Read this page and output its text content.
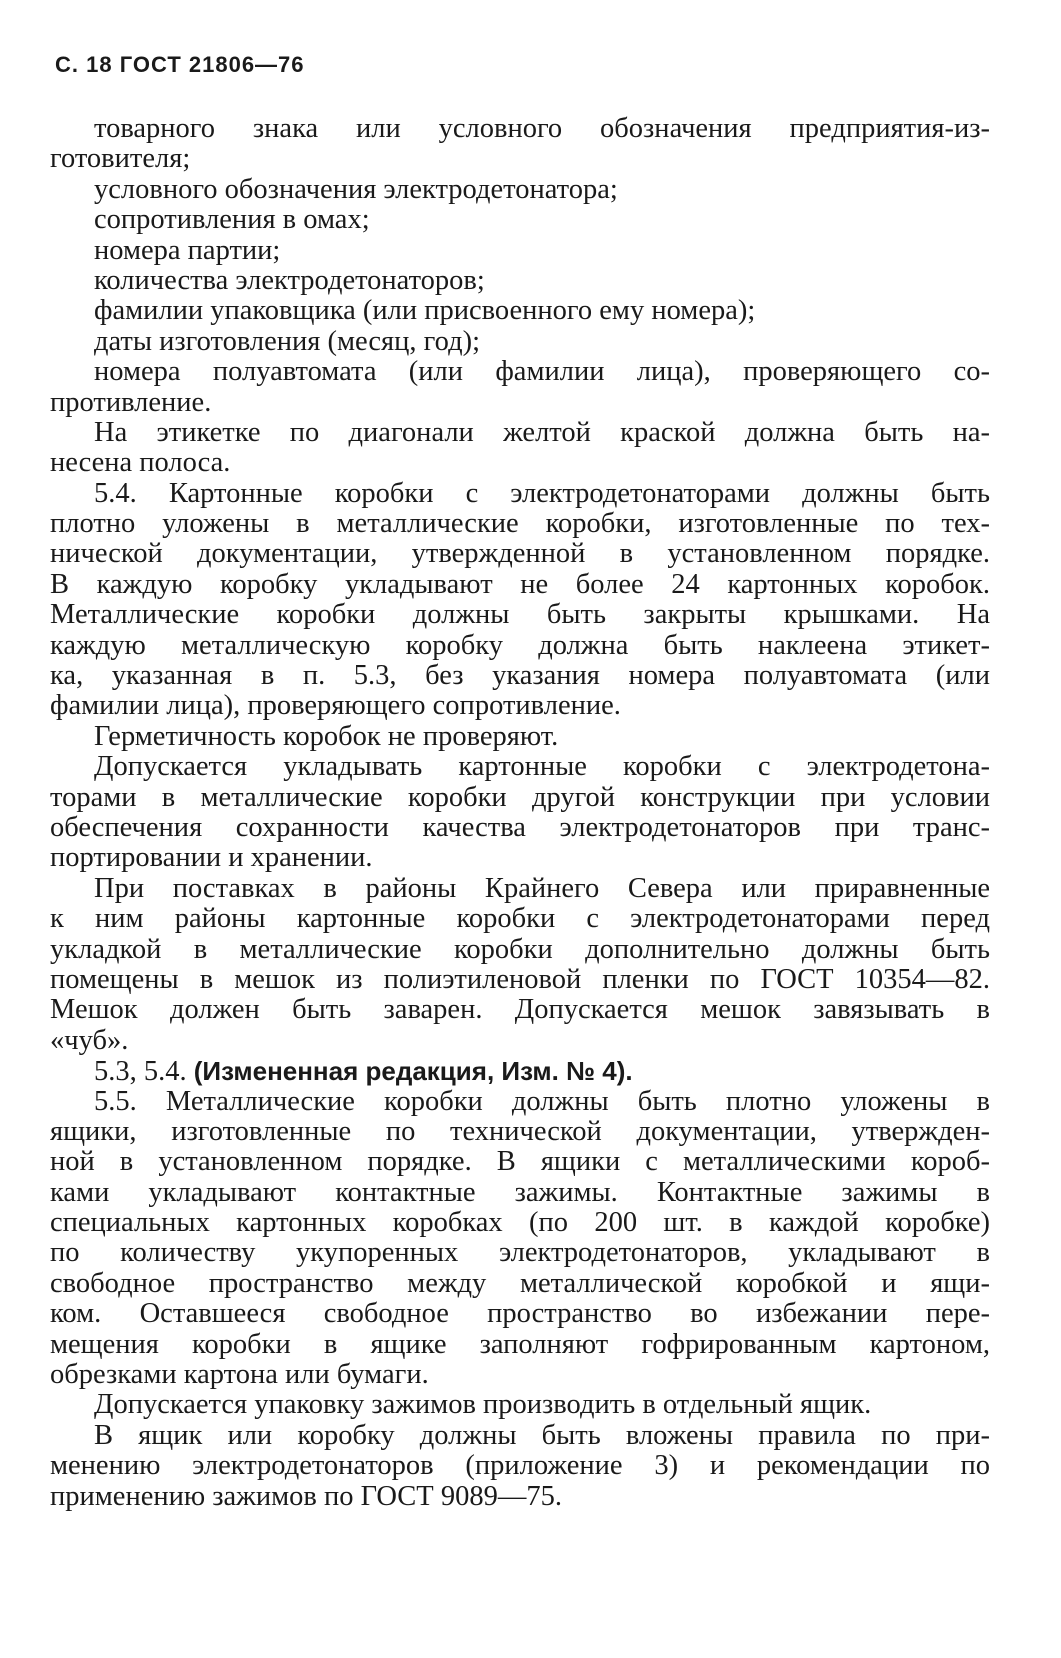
С. 18 ГОСТ 21806—76
товарного знака или условного обозначения предприятия-из-
готовителя;
условного обозначения электродетонатора;
сопротивления в омах;
номера партии;
количества электродетонаторов;
фамилии упаковщика (или присвоенного ему номера);
даты изготовления (месяц, год);
номера полуавтомата (или фамилии лица), проверяющего со-
противление.
На этикетке по диагонали желтой краской должна быть на-
несена полоса.
5.4. Картонные коробки с электродетонаторами должны быть
плотно уложены в металлические коробки, изготовленные по тех-
нической документации, утвержденной в установленном порядке.
В каждую коробку укладывают не более 24 картонных коробок.
Металлические коробки должны быть закрыты крышками. На
каждую металлическую коробку должна быть наклеена этикет-
ка, указанная в п. 5.3, без указания номера полуавтомата (или
фамилии лица), проверяющего сопротивление.
Герметичность коробок не проверяют.
Допускается укладывать картонные коробки с электродетона-
торами в металлические коробки другой конструкции при условии
обеспечения сохранности качества электродетонаторов при транс-
портировании и хранении.
При поставках в районы Крайнего Севера или приравненные
к ним районы картонные коробки с электродетонаторами перед
укладкой в металлические коробки дополнительно должны быть
помещены в мешок из полиэтиленовой пленки по ГОСТ 10354—82.
Мешок должен быть заварен. Допускается мешок завязывать в
«чуб».
5.3, 5.4. (Измененная редакция, Изм. № 4).
5.5. Металлические коробки должны быть плотно уложены в
ящики, изготовленные по технической документации, утвержден-
ной в установленном порядке. В ящики с металлическими короб-
ками укладывают контактные зажимы. Контактные зажимы в
специальных картонных коробках (по 200 шт. в каждой коробке)
по количеству укупоренных электродетонаторов, укладывают в
свободное пространство между металлической коробкой и ящи-
ком. Оставшееся свободное пространство во избежании пере-
мещения коробки в ящике заполняют гофрированным картоном,
обрезками картона или бумаги.
Допускается упаковку зажимов производить в отдельный ящик.
В ящик или коробку должны быть вложены правила по при-
менению электродетонаторов (приложение 3) и рекомендации по
применению зажимов по ГОСТ 9089—75.
